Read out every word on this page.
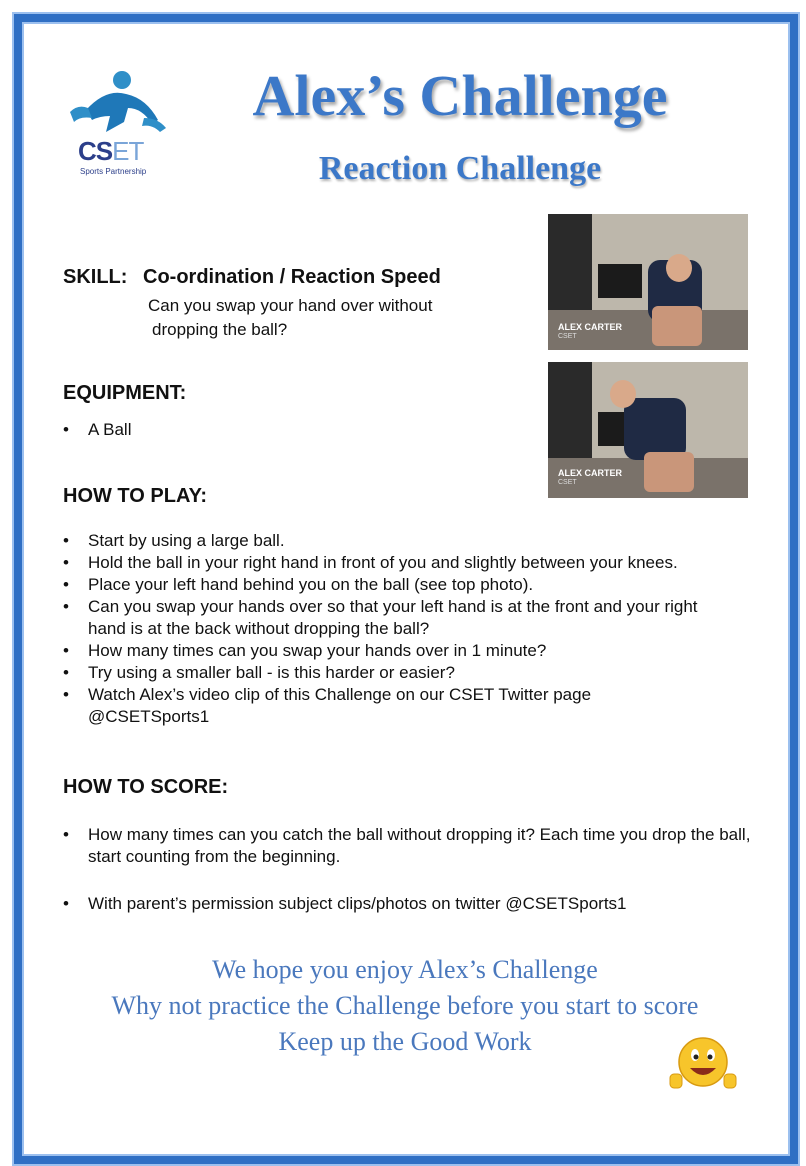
CSET
Sports Partnership
Alex’s Challenge
Reaction Challenge
ALEX CARTER
CSET
ALEX CARTER
CSET
SKILL: Co-ordination / Reaction Speed
Can you swap your hand over without
dropping the ball?
EQUIPMENT:
• A Ball
HOW TO PLAY:
• Start by using a large ball.
• Hold the ball in your right hand in front of you and slightly between your knees.
• Place your left hand behind you on the ball (see top photo).
• Can you swap your hands over so that your left hand is at the front and your right hand is at the back without dropping the ball?
• How many times can you swap your hands over in 1 minute?
• Try using a smaller ball - is this harder or easier?
• Watch Alex’s video clip of this Challenge on our CSET Twitter page @CSETSports1
HOW TO SCORE:
• How many times can you catch the ball without dropping it? Each time you drop the ball, start counting from the beginning.
• With parent’s permission subject clips/photos on twitter @CSETSports1
We hope you enjoy Alex’s Challenge
Why not practice the Challenge before you start to score
Keep up the Good Work
